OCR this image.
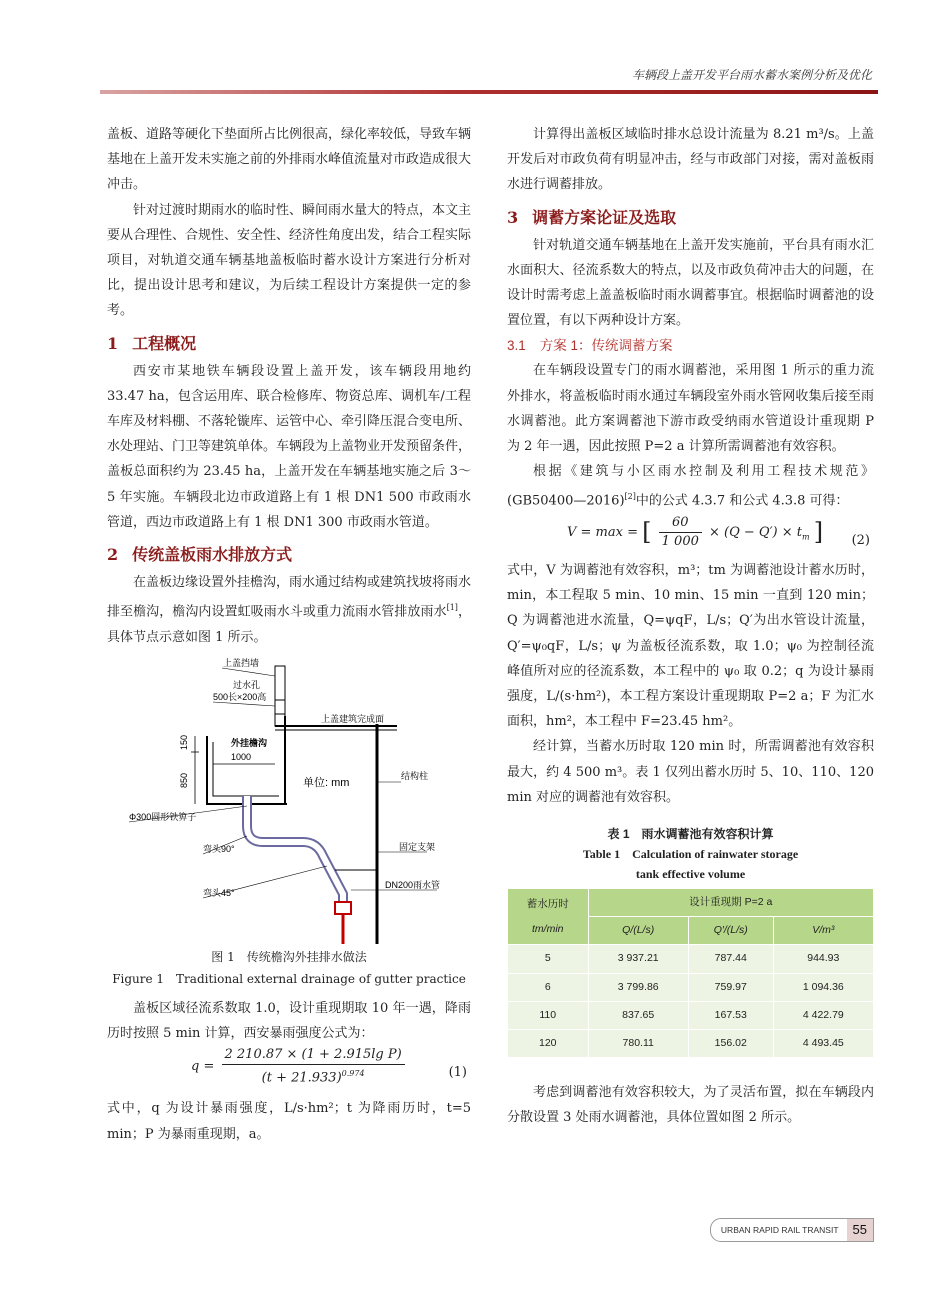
车辆段上盖开发平台雨水蓄水案例分析及优化

盖板、道路等硬化下垫面所占比例很高，绿化率较低，导致车辆基地在上盖开发未实施之前的外排雨水峰值流量对市政造成很大冲击。

针对过渡时期雨水的临时性、瞬间雨水量大的特点，本文主要从合理性、合规性、安全性、经济性角度出发，结合工程实际项目，对轨道交通车辆基地盖板临时蓄水设计方案进行分析对比，提出设计思考和建议，为后续工程设计方案提供一定的参考。

1 工程概况

西安市某地铁车辆段设置上盖开发，该车辆段用地约 33.47 ha，包含运用库、联合检修库、物资总库、调机车/工程车库及材料棚、不落轮镟库、运管中心、牵引降压混合变电所、水处理站、门卫等建筑单体。车辆段为上盖物业开发预留条件，盖板总面积约为 23.45 ha，上盖开发在车辆基地实施之后 3～5 年实施。车辆段北边市政道路上有 1 根 DN1 500 市政雨水管道，西边市政道路上有 1 根 DN1 300 市政雨水管道。

2 传统盖板雨水排放方式

在盖板边缘设置外挂檐沟，雨水通过结构或建筑找坡将雨水排至檐沟，檐沟内设置虹吸雨水斗或重力流雨水管排放雨水[1]，具体节点示意如图 1 所示。

150
850
1000
外挂檐沟
上盖挡墙
过水孔
500长×200高
上盖建筑完成面
单位: mm
结构柱
Φ300圆形铁箅子
弯头90°
弯头45°
固定支架
DN200雨水管
图 1　传统檐沟外挂排水做法
Figure 1　Traditional external drainage of gutter practice

盖板区域径流系数取 1.0，设计重现期取 10 年一遇，降雨历时按照 5 min 计算，西安暴雨强度公式为：

$q = \frac{\text{2 210.87 × (1 + 2.915lg P)}}{(t + 21.933)^{0.974}}$	(1)

式中，q 为设计暴雨强度，L/s·hm²；t 为降雨历时，t=5 min；P 为暴雨重现期，a。

计算得出盖板区域临时排水总设计流量为 8.21 m³/s。上盖开发后对市政负荷有明显冲击，经与市政部门对接，需对盖板雨水进行调蓄排放。

3 调蓄方案论证及选取

针对轨道交通车辆基地在上盖开发实施前，平台具有雨水汇水面积大、径流系数大的特点，以及市政负荷冲击大的问题，在设计时需考虑上盖盖板临时雨水调蓄事宜。根据临时调蓄池的设置位置，有以下两种设计方案。

3.1 方案 1：传统调蓄方案

在车辆段设置专门的雨水调蓄池，采用图 1 所示的重力流外排水，将盖板临时雨水通过车辆段室外雨水管网收集后接至雨水调蓄池。此方案调蓄池下游市政受纳雨水管道设计重现期 P 为 2 年一遇，因此按照 P=2 a 计算所需调蓄池有效容积。

根据《建筑与小区雨水控制及利用工程技术规范》(GB50400—2016)[2]中的公式 4.3.7 和公式 4.3.8 可得：

V = max = [ $\frac{60}{1 000} \times (Q - Q') \times t_m$ ] (2)

式中，V 为调蓄池有效容积，m³；tm 为调蓄池设计蓄水历时，min，本工程取 5 min、10 min、15 min 一直到 120 min；Q 为调蓄池进水流量，Q=ψqF，L/s；Q′为出水管设计流量，Q′=ψ₀qF，L/s；ψ 为盖板径流系数，取 1.0；ψ₀ 为控制径流峰值所对应的径流系数，本工程中的 ψ₀ 取 0.2；q 为设计暴雨强度，L/(s·hm²)，本工程方案设计重现期取 P=2 a；F 为汇水面积，hm²，本工程中 F=23.45 hm²。

经计算，当蓄水历时取 120 min 时，所需调蓄池有效容积最大，约 4 500 m³。表 1 仅列出蓄水历时 5、10、110、120 min 对应的调蓄池有效容积。

表 1　雨水调蓄池有效容积计算
Table 1　Calculation of rainwater storage
tank effective volume
蓄水历时
tm/min	设计重现期 P=2 a		
	Q/(L/s)	Q′/(L/s)	V/m³
5	3 937.21	787.44	944.93
6	3 799.86	759.97	1 094.36
110	837.65	167.53	4 422.79
120	780.11	156.02	4 493.45

考虑到调蓄池有效容积较大，为了灵活布置，拟在车辆段内分散设置 3 处雨水调蓄池，具体位置如图 2 所示。

URBAN RAPID RAIL TRANSIT	55
